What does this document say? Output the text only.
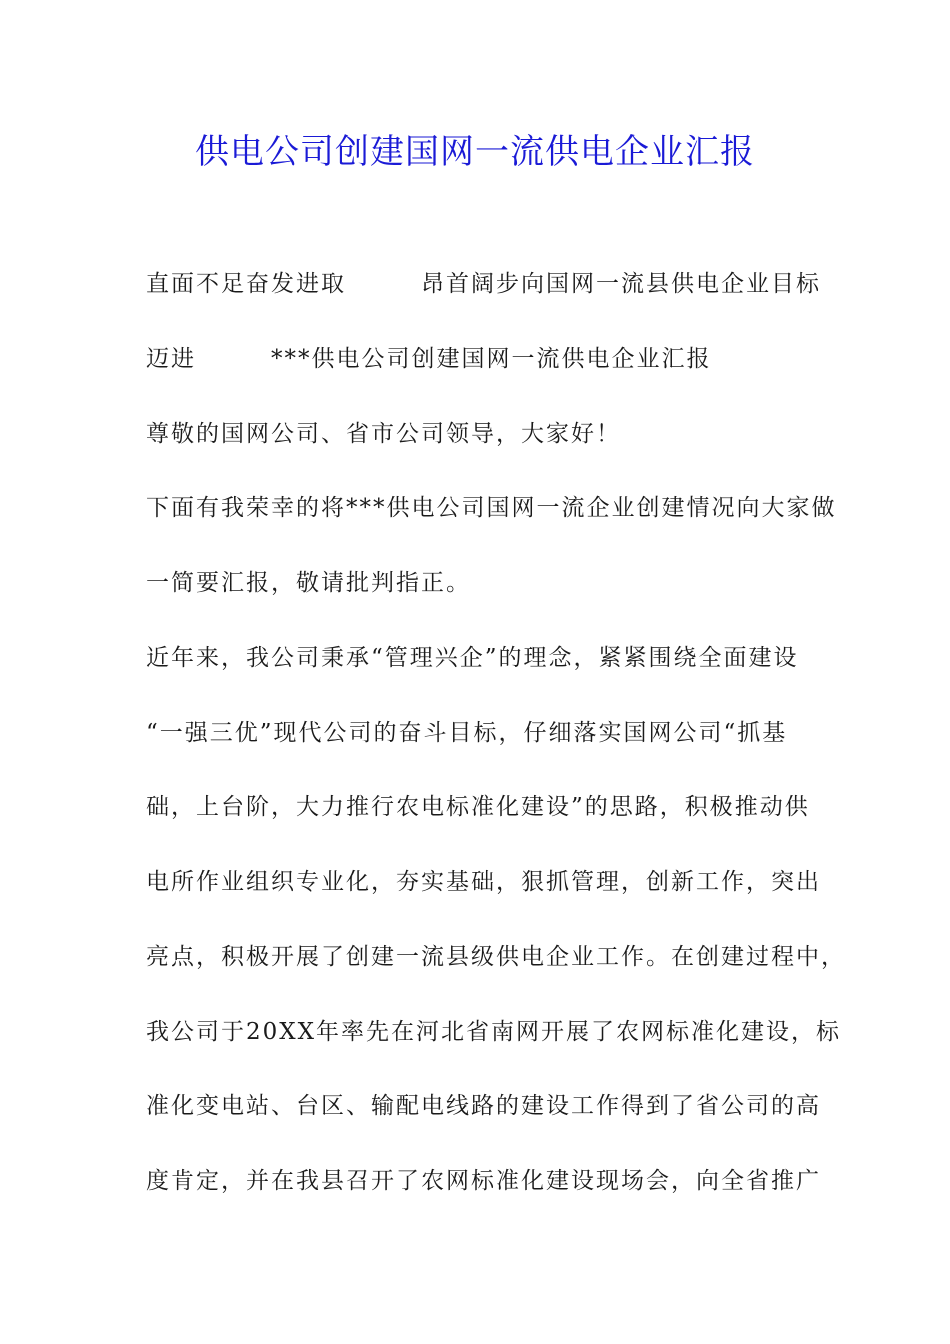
供电公司创建国网一流供电企业汇报
直面不足奋发进取　　　昂首阔步向国网一流县供电企业目标
迈进　　　***供电公司创建国网一流供电企业汇报
尊敬的国网公司、省市公司领导，大家好！
下面有我荣幸的将***供电公司国网一流企业创建情况向大家做
一简要汇报，敬请批判指正。
近年来，我公司秉承“管理兴企”的理念，紧紧围绕全面建设
“一强三优”现代公司的奋斗目标，仔细落实国网公司“抓基
础，上台阶，大力推行农电标准化建设”的思路，积极推动供
电所作业组织专业化，夯实基础，狠抓管理，创新工作，突出
亮点，积极开展了创建一流县级供电企业工作。在创建过程中，
我公司于20XX年率先在河北省南网开展了农网标准化建设，标
准化变电站、台区、输配电线路的建设工作得到了省公司的高
度肯定，并在我县召开了农网标准化建设现场会，向全省推广
